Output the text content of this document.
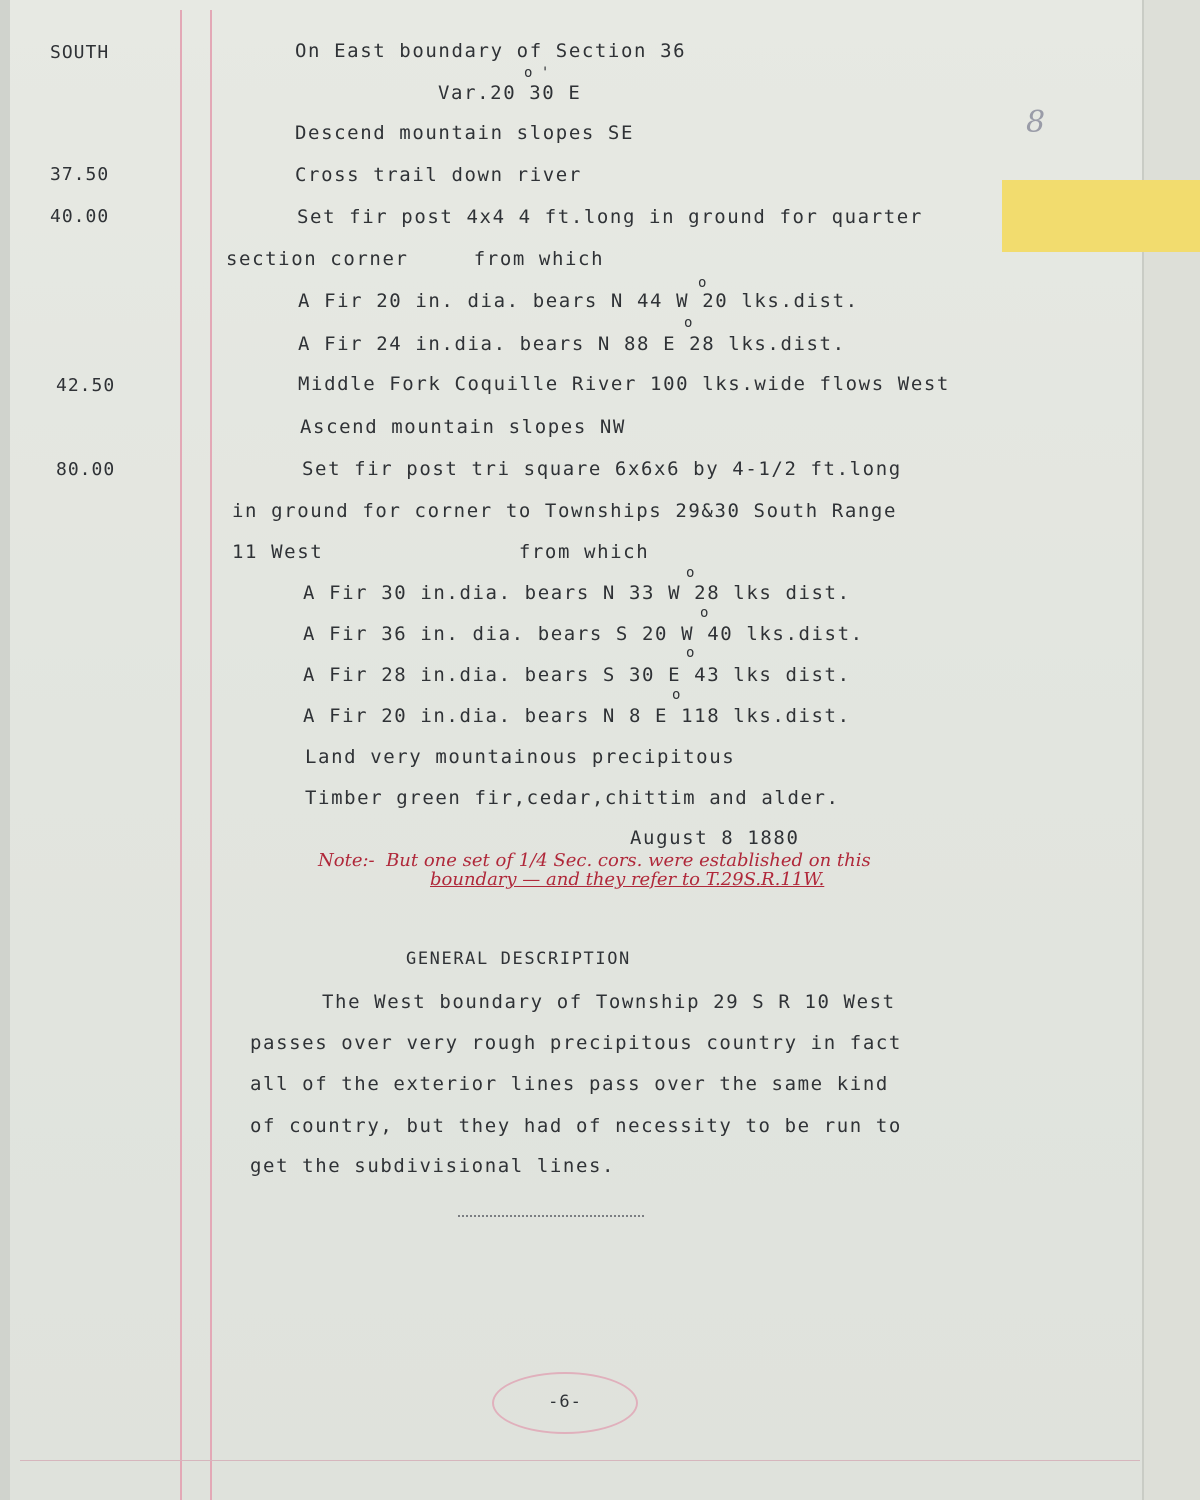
8
SOUTH	On East boundary of Section 36
o '
Var.20 30 E
Descend mountain slopes SE
37.50	Cross trail down river
40.00	Set fir post 4x4 4 ft.long in ground for quarter
section corner     from which
o
A Fir 20 in. dia. bears N 44 W 20 lks.dist.
o
A Fir 24 in.dia. bears N 88 E 28 lks.dist.
42.50	Middle Fork Coquille River 100 lks.wide flows West
Ascend mountain slopes NW
80.00	Set fir post tri square 6x6x6 by 4-1/2 ft.long
in ground for corner to Townships 29&30 South Range
11 West               from which
o
A Fir 30 in.dia. bears N 33 W 28 lks dist.
o
A Fir 36 in. dia. bears S 20 W 40 lks.dist.
o
A Fir 28 in.dia. bears S 30 E 43 lks dist.
o
A Fir 20 in.dia. bears N 8 E 118 lks.dist.
Land very mountainous precipitous
Timber green fir,cedar,chittim and alder.
August 8 1880
Note:-  But one set of 1/4 Sec. cors. were established on this
boundary — and they refer to T.29S.R.11W.
GENERAL DESCRIPTION
The West boundary of Township 29 S R 10 West
passes over very rough precipitous country in fact
all of the exterior lines pass over the same kind
of country, but they had of necessity to be run to
get the subdivisional lines.
-6-
